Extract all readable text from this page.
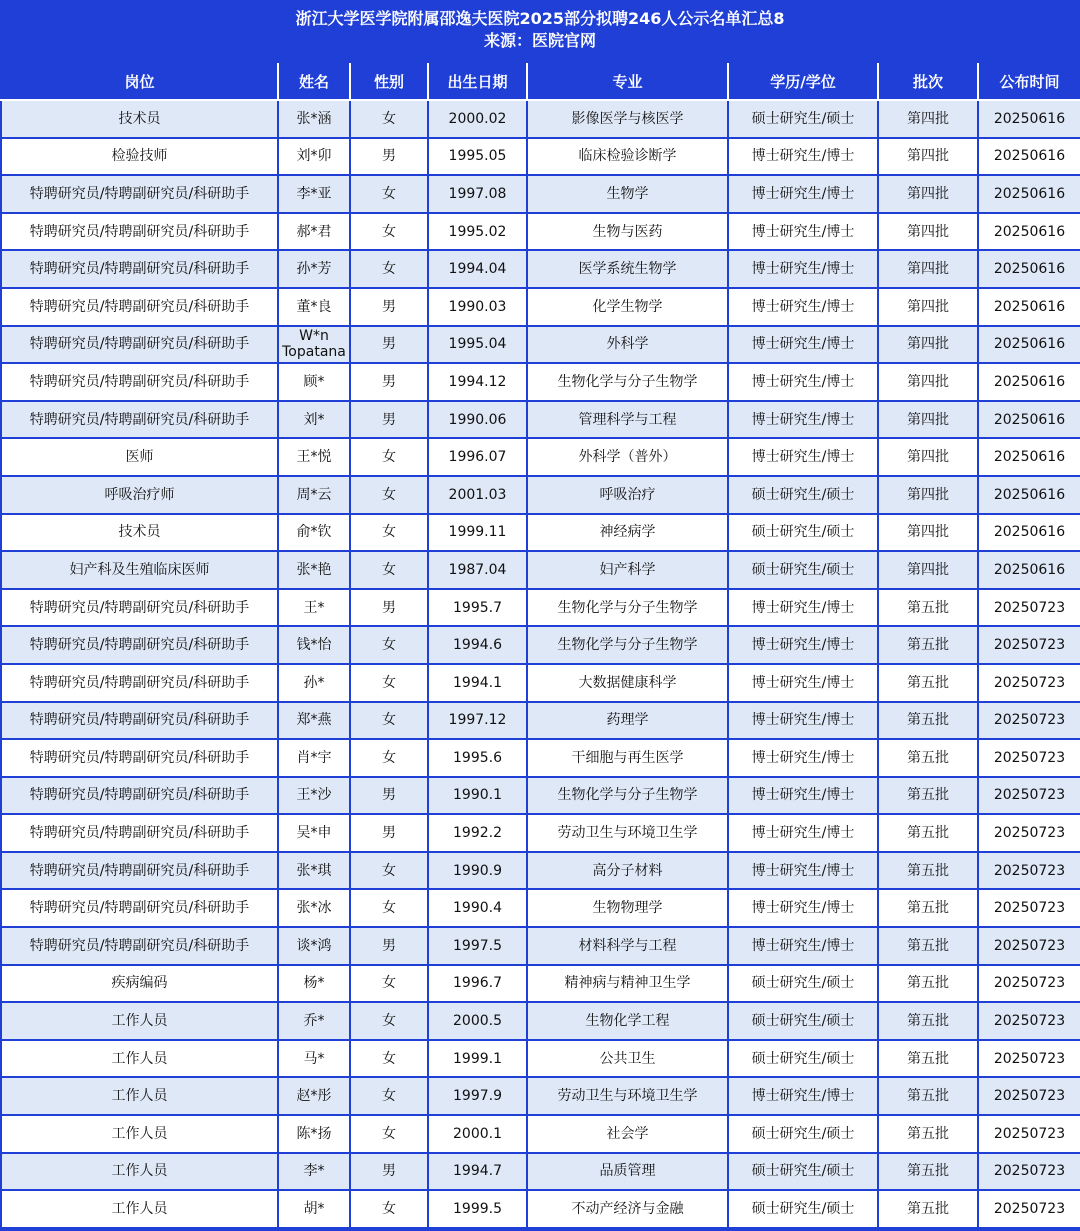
浙江大学医学院附属邵逸夫医院2025部分拟聘246人公示名单汇总8
来源：医院官网
岗位	姓名	性别	出生日期	专业	学历/学位	批次	公布时间
技术员	张*涵	女	2000.02	影像医学与核医学	硕士研究生/硕士	第四批	20250616
检验技师	刘*卯	男	1995.05	临床检验诊断学	博士研究生/博士	第四批	20250616
特聘研究员/特聘副研究员/科研助手	李*亚	女	1997.08	生物学	博士研究生/博士	第四批	20250616
特聘研究员/特聘副研究员/科研助手	郝*君	女	1995.02	生物与医药	博士研究生/博士	第四批	20250616
特聘研究员/特聘副研究员/科研助手	孙*芳	女	1994.04	医学系统生物学	博士研究生/博士	第四批	20250616
特聘研究员/特聘副研究员/科研助手	董*良	男	1990.03	化学生物学	博士研究生/博士	第四批	20250616
特聘研究员/特聘副研究员/科研助手	W*n Topatana	男	1995.04	外科学	博士研究生/博士	第四批	20250616
特聘研究员/特聘副研究员/科研助手	顾*	男	1994.12	生物化学与分子生物学	博士研究生/博士	第四批	20250616
特聘研究员/特聘副研究员/科研助手	刘*	男	1990.06	管理科学与工程	博士研究生/博士	第四批	20250616
医师	王*悦	女	1996.07	外科学（普外）	博士研究生/博士	第四批	20250616
呼吸治疗师	周*云	女	2001.03	呼吸治疗	硕士研究生/硕士	第四批	20250616
技术员	俞*钦	女	1999.11	神经病学	硕士研究生/硕士	第四批	20250616
妇产科及生殖临床医师	张*艳	女	1987.04	妇产科学	硕士研究生/硕士	第四批	20250616
特聘研究员/特聘副研究员/科研助手	王*	男	1995.7	生物化学与分子生物学	博士研究生/博士	第五批	20250723
特聘研究员/特聘副研究员/科研助手	钱*怡	女	1994.6	生物化学与分子生物学	博士研究生/博士	第五批	20250723
特聘研究员/特聘副研究员/科研助手	孙*	女	1994.1	大数据健康科学	博士研究生/博士	第五批	20250723
特聘研究员/特聘副研究员/科研助手	郑*燕	女	1997.12	药理学	博士研究生/博士	第五批	20250723
特聘研究员/特聘副研究员/科研助手	肖*宇	女	1995.6	干细胞与再生医学	博士研究生/博士	第五批	20250723
特聘研究员/特聘副研究员/科研助手	王*沙	男	1990.1	生物化学与分子生物学	博士研究生/博士	第五批	20250723
特聘研究员/特聘副研究员/科研助手	吴*申	男	1992.2	劳动卫生与环境卫生学	博士研究生/博士	第五批	20250723
特聘研究员/特聘副研究员/科研助手	张*琪	女	1990.9	高分子材料	博士研究生/博士	第五批	20250723
特聘研究员/特聘副研究员/科研助手	张*冰	女	1990.4	生物物理学	博士研究生/博士	第五批	20250723
特聘研究员/特聘副研究员/科研助手	谈*鸿	男	1997.5	材料科学与工程	博士研究生/博士	第五批	20250723
疾病编码	杨*	女	1996.7	精神病与精神卫生学	硕士研究生/硕士	第五批	20250723
工作人员	乔*	女	2000.5	生物化学工程	硕士研究生/硕士	第五批	20250723
工作人员	马*	女	1999.1	公共卫生	硕士研究生/硕士	第五批	20250723
工作人员	赵*彤	女	1997.9	劳动卫生与环境卫生学	博士研究生/博士	第五批	20250723
工作人员	陈*扬	女	2000.1	社会学	硕士研究生/硕士	第五批	20250723
工作人员	李*	男	1994.7	品质管理	硕士研究生/硕士	第五批	20250723
工作人员	胡*	女	1999.5	不动产经济与金融	硕士研究生/硕士	第五批	20250723
